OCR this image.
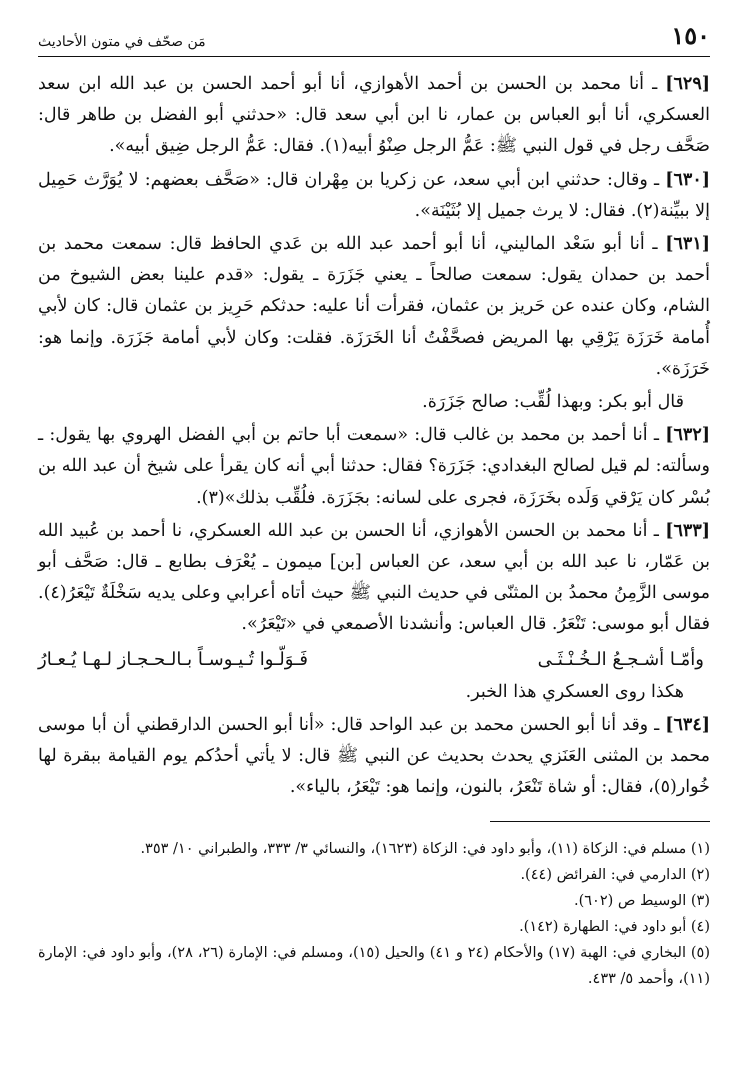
١٥٠
مَن صحّف في متون الأحاديث

[٦٢٩] ـ أنا محمد بن الحسن بن أحمد الأهوازي، أنا أبو أحمد الحسن بن عبد الله ابن سعد العسكري، أنا أبو العباس بن عمار، نا ابن أبي سعد قال: «حدثني أبو الفضل بن طاهر قال: صَحَّف رجل في قول النبي ﷺ: عَمُّ الرجل صِنْوُ أبيه(١). فقال: عَمُّ الرجل ضِيق أبيه».

[٦٣٠] ـ وقال: حدثني ابن أبي سعد، عن زكريا بن مِهْران قال: «صَحَّف بعضهم: لا يُوَرَّث حَمِيل إلا ببيِّنة(٢). فقال: لا يرث جميل إلا بُثَيْنَة».

[٦٣١] ـ أنا أبو سَعْد الماليني، أنا أبو أحمد عبد الله بن عَدي الحافظ قال: سمعت محمد بن أحمد بن حمدان يقول: سمعت صالحاً ـ يعني جَزَرَة ـ يقول: «قدم علينا بعض الشيوخ من الشام، وكان عنده عن حَريز بن عثمان، فقرأت أنا عليه: حدثكم حَرِيز بن عثمان قال: كان لأبي أُمامة خَرَزَة يَرْقِي بها المريض فصحَّفْتُ أنا الخَرَزَة. فقلت: وكان لأبي أمامة جَزَرَة. وإنما هو: خَرَزَة».

قال أبو بكر: وبهذا لُقِّب: صالح جَزَرَة.

[٦٣٢] ـ أنا أحمد بن محمد بن غالب قال: «سمعت أبا حاتم بن أبي الفضل الهروي بها يقول: ـ وسألته: لم قيل لصالح البغدادي: جَزَرَة؟ فقال: حدثنا أبي أنه كان يقرأ على شيخ أن عبد الله بن بُسْر كان يَرْقي وَلَده بخَرَزَة، فجرى على لسانه: بجَزَرَة. فلُقِّب بذلك»(٣).

[٦٣٣] ـ أنا محمد بن الحسن الأهوازي، أنا الحسن بن عبد الله العسكري، نا أحمد بن عُبيد الله بن عَمّار، نا عبد الله بن أبي سعد، عن العباس [بن] ميمون ـ يُعْرَف بطابع ـ قال: صَحَّف أبو موسى الزَّمِنُ محمدُ بن المثنّى في حديث النبي ﷺ حيث أتاه أعرابي وعلى يديه سَخْلَةٌ تَيْعَرُ(٤). فقال أبو موسى: تَنْعَرُ. قال العباس: وأنشدنا الأصمعي في «تَيْعَرُ».

وأمّـا أشـجـعُ الـخُـنْـثَـى
فَـوَلّـوا تُـيـوسـاً بـالـحـجـاز لـهـا يُـعـارُ

هكذا روى العسكري هذا الخبر.

[٦٣٤] ـ وقد أنا أبو الحسن محمد بن عبد الواحد قال: «أنا أبو الحسن الدارقطني أن أبا موسى محمد بن المثنى العَنَزي يحدث بحديث عن النبي ﷺ قال: لا يأتي أحدُكم يوم القيامة ببقرة لها خُوار(٥)، فقال: أو شاة تَنْعَرُ، بالنون، وإنما هو: تَيْعَرُ، بالياء».

(١) مسلم في: الزكاة (١١)، وأبو داود في: الزكاة (١٦٢٣)، والنسائي ٣/ ٣٣٣، والطبراني ١٠/ ٣٥٣.

(٢) الدارمي في: الفرائض (٤٤).

(٣) الوسيط ص (٦٠٢).

(٤) أبو داود في: الطهارة (١٤٢).

(٥) البخاري في: الهبة (١٧) والأحكام (٢٤ و ٤١) والحيل (١٥)، ومسلم في: الإمارة (٢٦، ٢٨)، وأبو داود في: الإمارة (١١)، وأحمد ٥/ ٤٣٣.
